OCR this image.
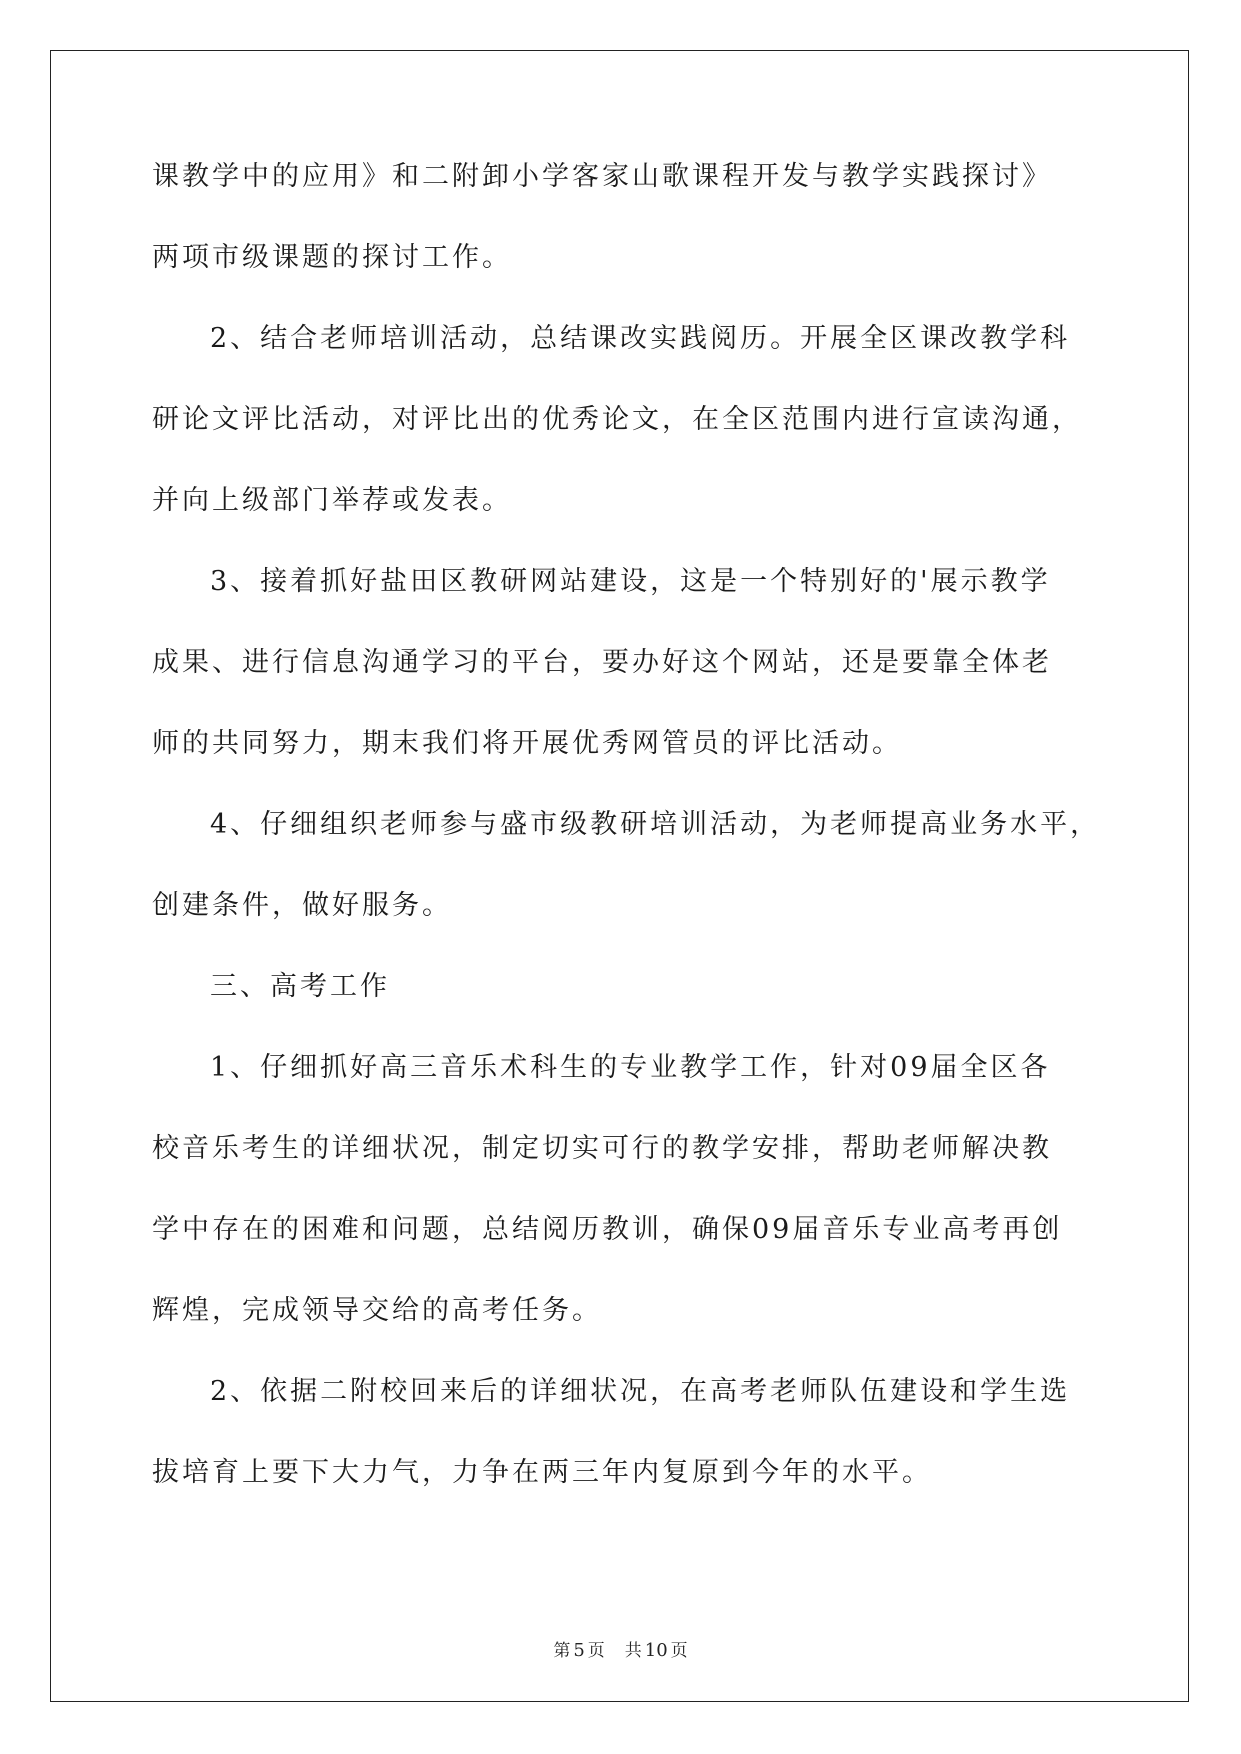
课教学中的应用》和二附卸小学客家山歌课程开发与教学实践探讨》
两项市级课题的探讨工作。
2、结合老师培训活动，总结课改实践阅历。开展全区课改教学科
研论文评比活动，对评比出的优秀论文，在全区范围内进行宣读沟通，
并向上级部门举荐或发表。
3、接着抓好盐田区教研网站建设，这是一个特别好的'展示教学
成果、进行信息沟通学习的平台，要办好这个网站，还是要靠全体老
师的共同努力，期末我们将开展优秀网管员的评比活动。
4、仔细组织老师参与盛市级教研培训活动，为老师提高业务水平，
创建条件，做好服务。
三、高考工作
1、仔细抓好高三音乐术科生的专业教学工作，针对09届全区各
校音乐考生的详细状况，制定切实可行的教学安排，帮助老师解决教
学中存在的困难和问题，总结阅历教训，确保09届音乐专业高考再创
辉煌，完成领导交给的高考任务。
2、依据二附校回来后的详细状况，在高考老师队伍建设和学生选
拔培育上要下大力气，力争在两三年内复原到今年的水平。
第 5 页 共 10 页
